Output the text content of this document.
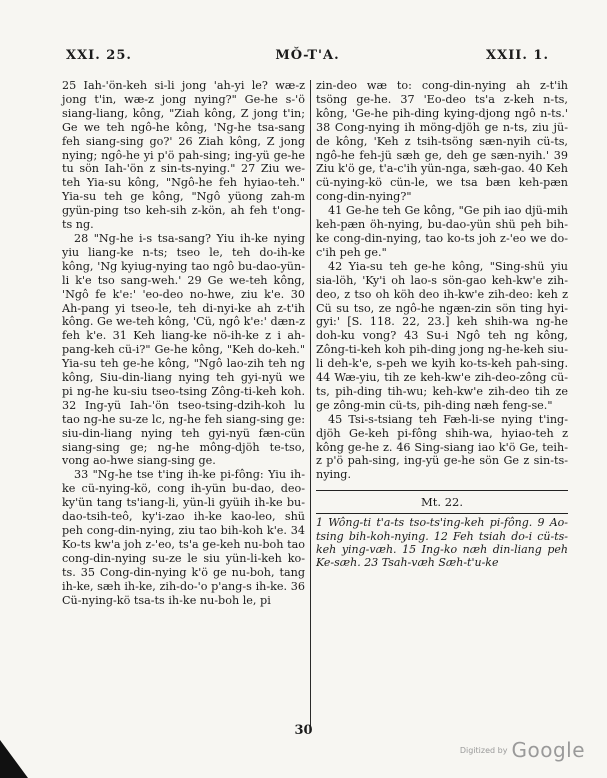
XXI. 25.	MŎ-T'A.	XXII. 1.

25 Iah-'ön-keh si-li jong 'ah-yi le? wæ-z jong t'in, wæ-z jong nying?" Ge-he s-'ö siang-liang, kông, "Ziah kông, Z jong t'in; Ge we teh ngô-he kông, 'Ng-he tsa-sang feh siang-sing go?' 26 Ziah kông, Z jong nying; ngô-he yi p'ö pah-sing; ing-yü ge-he tu sön Iah-'ön z sin-ts-nying." 27 Ziu we-teh Yia-su kông, "Ngô-he feh hyiao-teh." Yia-su teh ge kông, "Ngô yüong zah-m gyün-ping tso keh-sih z-kön, ah feh t'ong-ts ng.

28 "Ng-he i-s tsa-sang? Yiu ih-ke nying yiu liang-ke n-ts; tseo le, teh do-ih-ke kông, 'Ng kyiug-nying tao ngô bu-dao-yün-li k'e tso sang-weh.' 29 Ge we-teh kông, 'Ngô fe k'e:' 'eo-deo no-hwe, ziu k'e. 30 Ah-pang yi tseo-le, teh di-nyi-ke ah z-t'ih kông. Ge we-teh kông, 'Cü, ngô k'e:' dæn-z feh k'e. 31 Keh liang-ke nö-ih-ke z i ah-pang-keh cü-i?" Ge-he kông, "Keh do-keh." Yia-su teh ge-he kông, "Ngô lao-zih teh ng kông, Siu-din-liang nying teh gyi-nyü we pi ng-he ku-siu tseo-tsing Zông-ti-keh koh. 32 Ing-yü Iah-'ön tseo-tsing-dzih-koh lu tao ng-he su-ze lc, ng-he feh siang-sing ge: siu-din-liang nying teh gyi-nyü fæn-cün siang-sing ge; ng-he mông-djöh te-tso, vong ao-hwe siang-sing ge.

33 "Ng-he tse t'ing ih-ke pi-fông: Yiu ih-ke cü-nying-kö, cong ih-yün bu-dao, deo-ky'ün tang ts'iang-li, yün-li gyüih ih-ke bu-dao-tsih-teô, ky'i-zao ih-ke kao-leo, shü peh cong-din-nying, ziu tao bih-koh k'e. 34 Ko-ts kw'a joh z-'eo, ts'a ge-keh nu-boh tao cong-din-nying su-ze le siu yün-li-keh ko-ts. 35 Cong-din-nying k'ö ge nu-boh, tang ih-ke, sæh ih-ke, zih-do-'o p'ang-s ih-ke. 36 Cü-nying-kö tsa-ts ih-ke nu-boh le, pi

zin-deo wæ to: cong-din-nying ah z-t'ih tsöng ge-he. 37 'Eo-deo ts'a z-keh n-ts, kông, 'Ge-he pih-ding kying-djong ngô n-ts.' 38 Cong-nying ih möng-djöh ge n-ts, ziu jü-de kông, 'Keh z tsih-tsöng sæn-nyih cü-ts, ngô-he feh-jü sæh ge, deh ge sæn-nyih.' 39 Ziu k'ö ge, t'a-c'ih yün-nga, sæh-gao. 40 Keh cü-nying-kö cün-le, we tsa bæn keh-pæn cong-din-nying?"

41 Ge-he teh Ge kông, "Ge pih iao djü-mih keh-pæn öh-nying, bu-dao-yün shü peh bih-ke cong-din-nying, tao ko-ts joh z-'eo we do-c'ih peh ge."

42 Yia-su teh ge-he kông, "Sing-shü yiu sia-löh, 'Ky'i oh lao-s sön-gao keh-kw'e zih-deo, z tso oh köh deo ih-kw'e zih-deo: keh z Cü su tso, ze ngô-he ngæn-zin sön ting hyi-gyi:' [S. 118. 22, 23.] keh shih-wa ng-he doh-ku vong? 43 Su-i Ngô teh ng kông, Zông-ti-keh koh pih-ding jong ng-he-keh siu-li deh-k'e, s-peh we kyih ko-ts-keh pah-sing. 44 Wæ-yiu, tih ze keh-kw'e zih-deo-zông cü-ts, pih-ding tih-wu; keh-kw'e zih-deo tih ze ge zông-min cü-ts, pih-ding næh feng-se."

45 Tsi-s-tsiang teh Fæh-li-se nying t'ing-djöh Ge-keh pi-fông shih-wa, hyiao-teh z kông ge-he z. 46 Sing-siang iao k'ö Ge, teih-z p'ö pah-sing, ing-yü ge-he sön Ge z sin-ts-nying.

Mt. 22.
1 Wông-ti t'a-ts tso-ts'ing-keh pi-fông. 9 Ao-tsing bih-koh-nying. 12 Feh tsiah do-i cü-ts-keh ying-væh. 15 Ing-ko næh din-liang peh Ke-sæh. 23 Tsah-væh Sæh-t'u-ke
30
Digitized by Google
